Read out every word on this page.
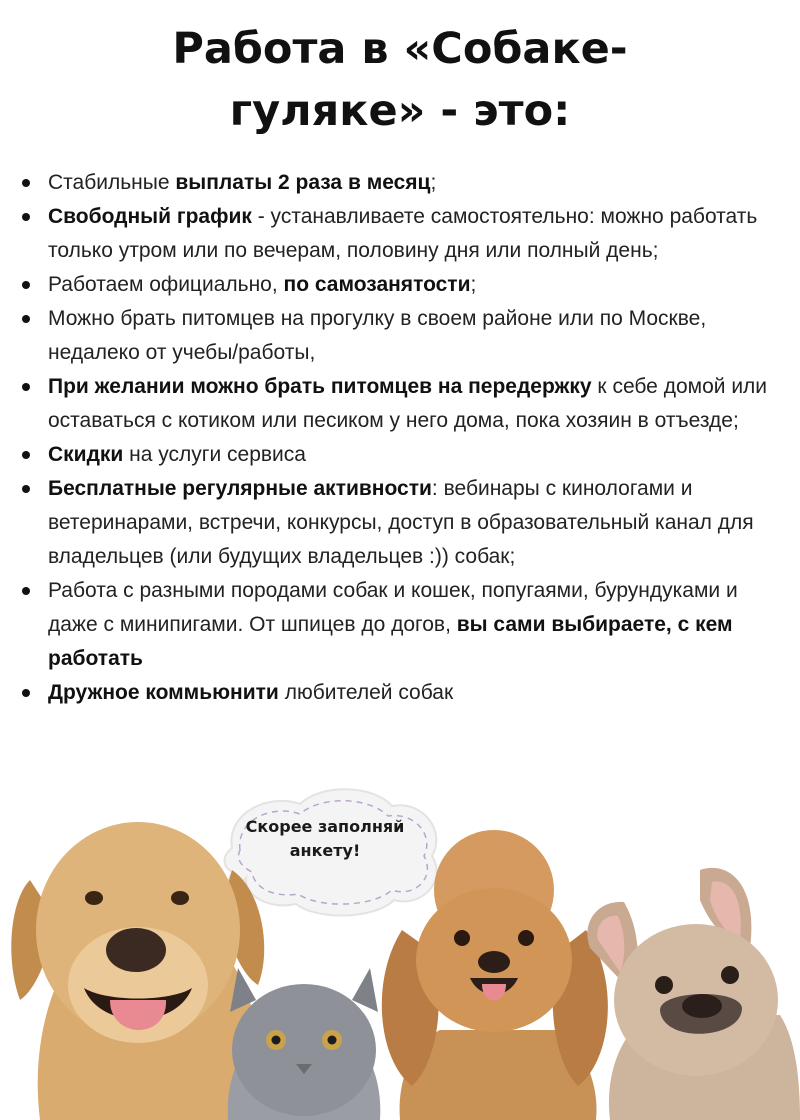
Работа в «Собаке-
гуляке» - это:
Стабильные выплаты 2 раза в месяц;
Свободный график - устанавливаете самостоятельно: можно работать только утром или по вечерам, половину дня или полный день;
Работаем официально, по самозанятости;
Можно брать питомцев на прогулку в своем районе или по Москве, недалеко от учебы/работы,
При желании можно брать питомцев на передержку к себе домой или оставаться с котиком или песиком у него дома, пока хозяин в отъезде;
Скидки на услуги сервиса
Бесплатные регулярные активности: вебинары с кинологами и ветеринарами, встречи, конкурсы, доступ в образовательный канал для владельцев (или будущих владельцев :)) собак;
Работа с разными породами собак и кошек, попугаями, бурундуками и даже с минипигами. От шпицев до догов, вы сами выбираете, с кем работать
Дружное коммьюнити любителей собак
Скорее заполняй
анкету!
